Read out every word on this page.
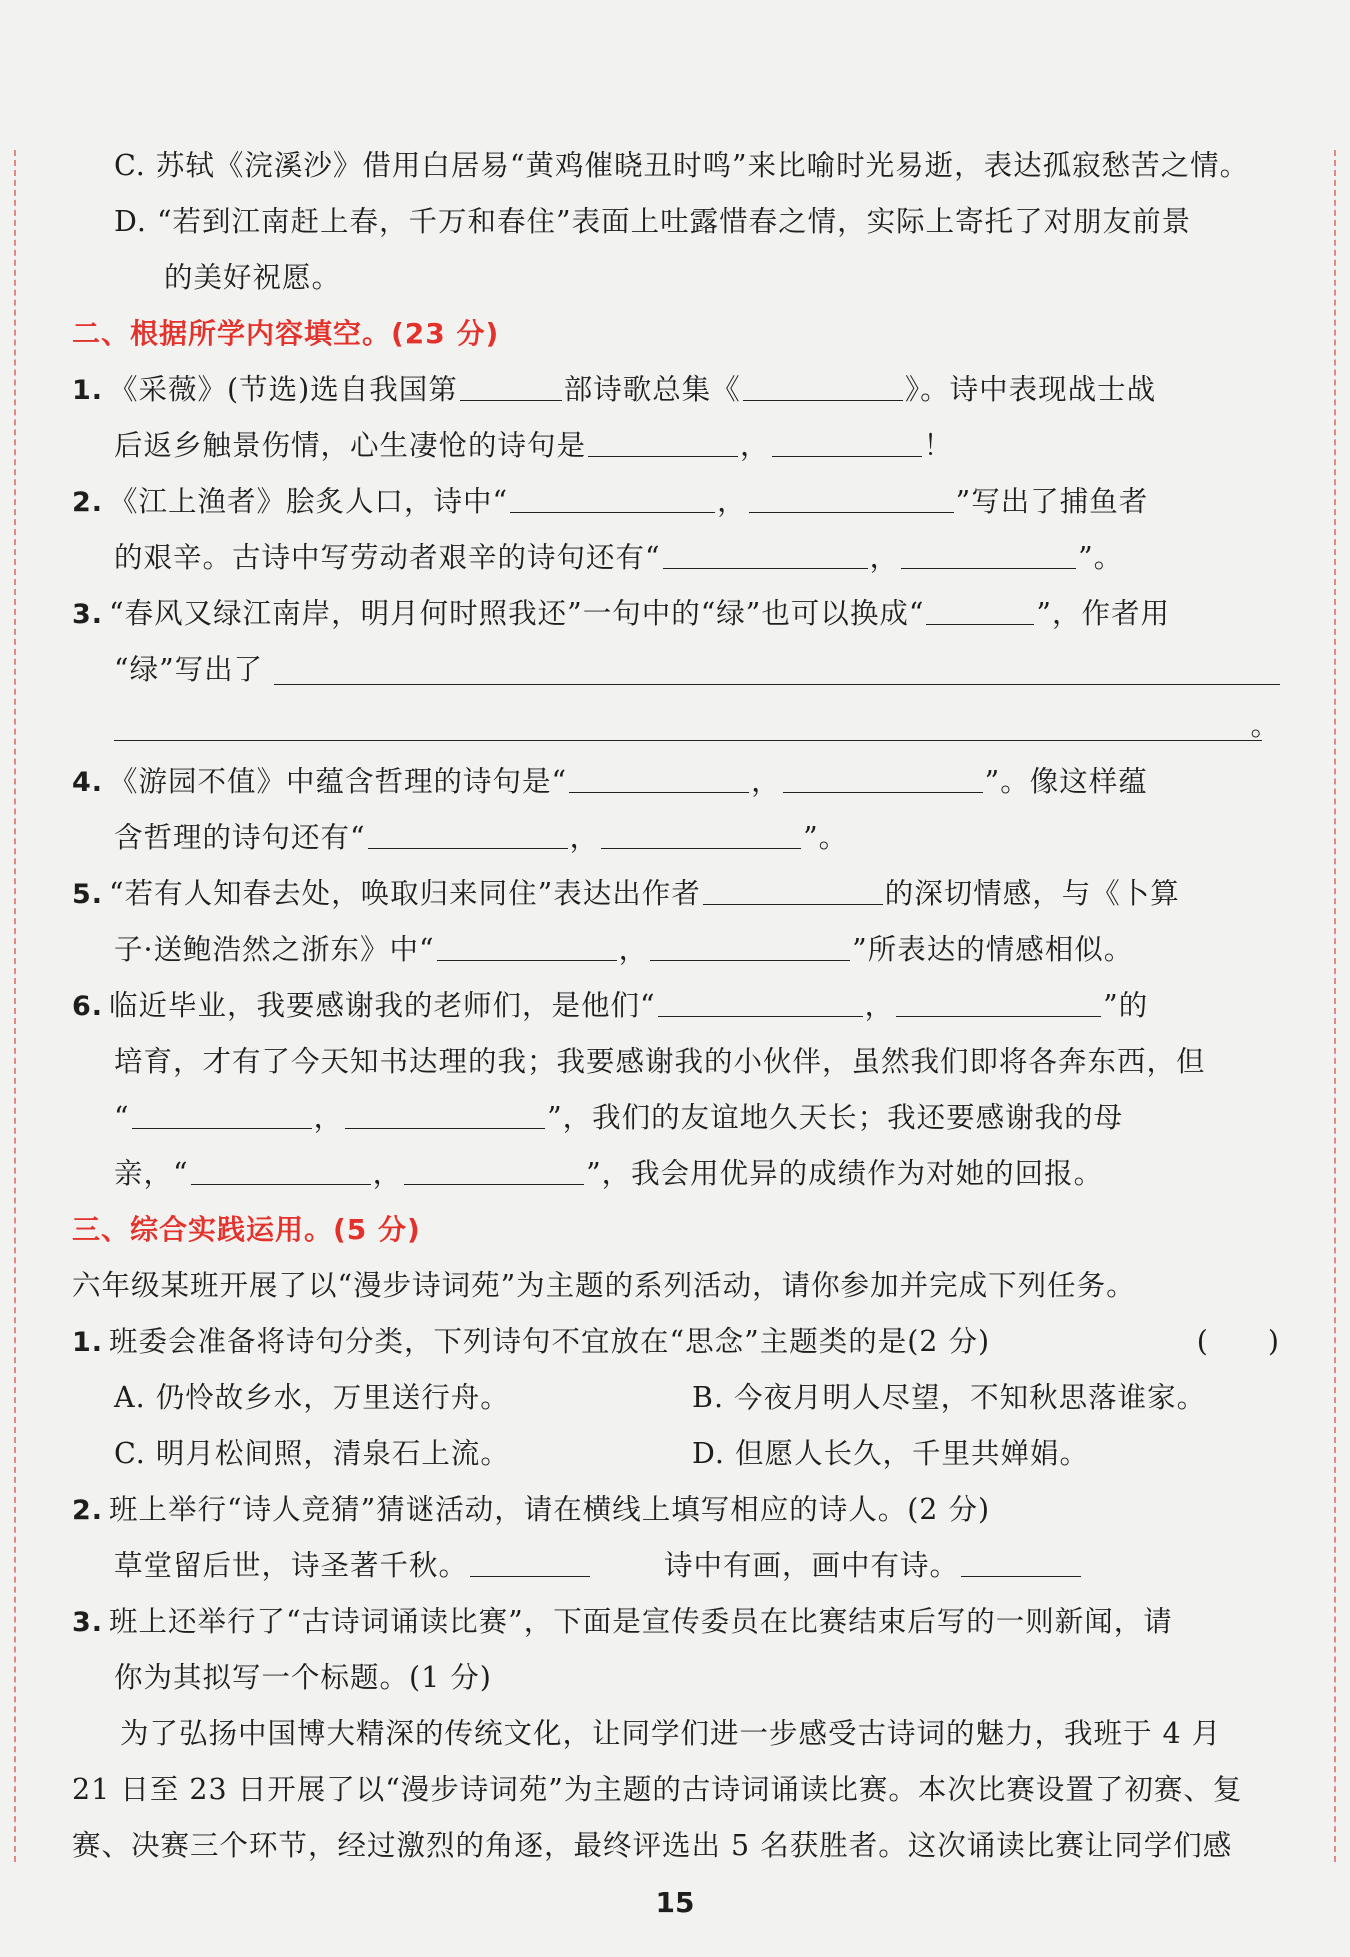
C. 苏轼《浣溪沙》借用白居易“黄鸡催晓丑时鸣”来比喻时光易逝，表达孤寂愁苦之情。
D. “若到江南赶上春，千万和春住”表面上吐露惜春之情，实际上寄托了对朋友前景
的美好祝愿。
二、根据所学内容填空。(23 分)
1. 《采薇》(节选)选自我国第	部诗歌总集《	》。诗中表现战士战
后返乡触景伤情，心生凄怆的诗句是	，	！
2. 《江上渔者》脍炙人口，诗中“	，	”写出了捕鱼者
的艰辛。古诗中写劳动者艰辛的诗句还有“	，	”。
3. “春风又绿江南岸，明月何时照我还”一句中的“绿”也可以换成“	”，作者用
“绿”写出了
。
4. 《游园不值》中蕴含哲理的诗句是“	，	”。像这样蕴
含哲理的诗句还有“	，	”。
5. “若有人知春去处，唤取归来同住”表达出作者	的深切情感，与《卜算
子·送鲍浩然之浙东》中“	，	”所表达的情感相似。
6. 临近毕业，我要感谢我的老师们，是他们“	，	”的
培育，才有了今天知书达理的我；我要感谢我的小伙伴，虽然我们即将各奔东西，但
“	，	”，我们的友谊地久天长；我还要感谢我的母
亲，“	，	”，我会用优异的成绩作为对她的回报。
三、综合实践运用。(5 分)
六年级某班开展了以“漫步诗词苑”为主题的系列活动，请你参加并完成下列任务。
1. 班委会准备将诗句分类，下列诗句不宜放在“思念”主题类的是(2 分)	(　　)
A. 仍怜故乡水，万里送行舟。	B. 今夜月明人尽望，不知秋思落谁家。
C. 明月松间照，清泉石上流。	D. 但愿人长久，千里共婵娟。
2. 班上举行“诗人竞猜”猜谜活动，请在横线上填写相应的诗人。(2 分)
草堂留后世，诗圣著千秋。	诗中有画，画中有诗。
3. 班上还举行了“古诗词诵读比赛”，下面是宣传委员在比赛结束后写的一则新闻，请
你为其拟写一个标题。(1 分)
为了弘扬中国博大精深的传统文化，让同学们进一步感受古诗词的魅力，我班于 4 月
21 日至 23 日开展了以“漫步诗词苑”为主题的古诗词诵读比赛。本次比赛设置了初赛、复
赛、决赛三个环节，经过激烈的角逐，最终评选出 5 名获胜者。这次诵读比赛让同学们感
15
